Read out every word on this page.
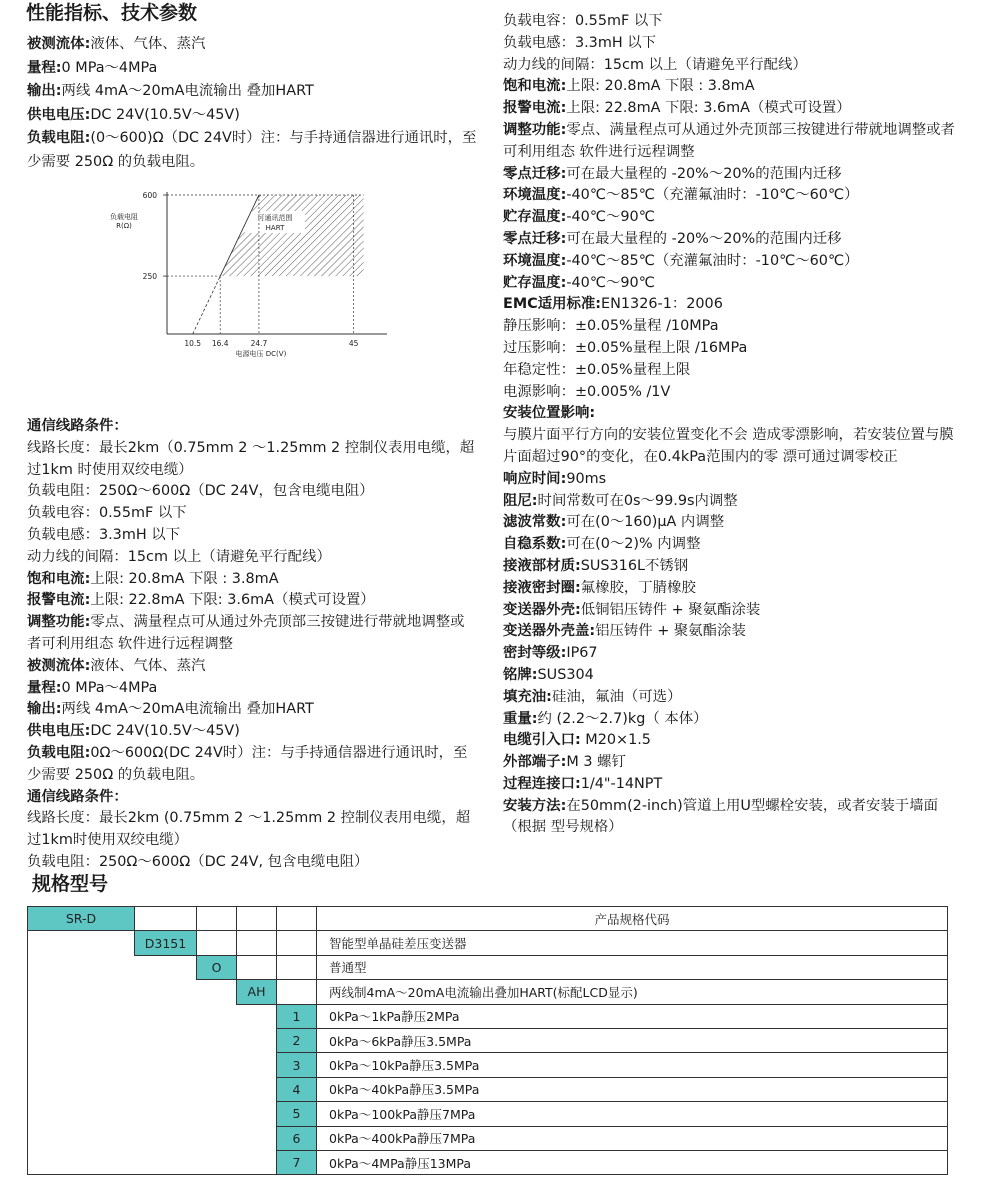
性能指标、技术参数
被测流体:液体、气体、蒸汽
量程:0 MPa～4MPa
输出:两线 4mA～20mA电流输出 叠加HART
供电电压:DC 24V(10.5V～45V)
负载电阻:(0～600)Ω（DC 24V时）注：与手持通信器进行通讯时，至少需要 250Ω 的负载电阻。
可通讯范围
HART
600
250
10.5 16.4	24.7	45
负载电阻
R(Ω)
电源电压 DC(V)
通信线路条件：
线路长度：最长2km（0.75mm 2 ～1.25mm 2 控制仪表用电缆，超过1km 时使用双绞电缆）
负载电阻：250Ω～600Ω（DC 24V，包含电缆电阻）
负载电容：0.55mF 以下
负载电感：3.3mH 以下
动力线的间隔：15cm 以上（请避免平行配线）
饱和电流:上限: 20.8mA 下限 : 3.8mA
报警电流:上限: 22.8mA 下限: 3.6mA（模式可设置）
调整功能:零点、满量程点可从通过外壳顶部三按键进行带就地调整或者可利用组态 软件进行远程调整
被测流体:液体、气体、蒸汽
量程:0 MPa～4MPa
输出:两线 4mA～20mA电流输出 叠加HART
供电电压:DC 24V(10.5V～45V)
负载电阻:0Ω～600Ω(DC 24V时）注：与手持通信器进行通讯时，至少需要 250Ω 的负载电阻。
通信线路条件：
线路长度：最长2km (0.75mm 2 ～1.25mm 2 控制仪表用电缆，超过1km时使用双绞电缆）
负载电阻：250Ω～600Ω（DC 24V, 包含电缆电阻）
负载电容：0.55mF 以下
负载电感：3.3mH 以下
动力线的间隔：15cm 以上（请避免平行配线）
饱和电流:上限: 20.8mA 下限 : 3.8mA
报警电流:上限: 22.8mA 下限: 3.6mA（模式可设置）
调整功能:零点、满量程点可从通过外壳顶部三按键进行带就地调整或者可利用组态 软件进行远程调整
零点迁移:可在最大量程的 -20%～20%的范围内迁移
环境温度:-40℃～85℃（充灌氟油时：-10℃～60℃）
贮存温度:-40℃～90℃
零点迁移:可在最大量程的 -20%～20%的范围内迁移
环境温度:-40℃～85℃（充灌氟油时：-10℃～60℃）
贮存温度:-40℃～90℃
EMC适用标准:EN1326-1：2006
静压影响：±0.05%量程 /10MPa
过压影响：±0.05%量程上限 /16MPa
年稳定性：±0.05%量程上限
电源影响：±0.005% /1V
安装位置影响:
与膜片面平行方向的安装位置变化不会 造成零漂影响，若安装位置与膜片面超过90°的变化，在0.4kPa范围内的零 漂可通过调零校正
响应时间:90ms
阻尼:时间常数可在0s～99.9s内调整
滤波常数:可在(0～160)μA 内调整
自稳系数:可在(0～2)% 内调整
接液部材质:SUS316L不锈钢
接液密封圈:氟橡胶，丁腈橡胶
变送器外壳:低铜铝压铸件 + 聚氨酯涂装
变送器外壳盖:铝压铸件 + 聚氨酯涂装
密封等级:IP67
铭牌:SUS304
填充油:硅油，氟油（可选）
重量:约 (2.2～2.7)kg（ 本体）
电缆引入口: M20×1.5
外部端子:M 3 螺钉
过程连接口:1/4"-14NPT
安装方法:在50mm(2-inch)管道上用U型螺栓安装，或者安装于墙面（根据 型号规格）
规格型号
SR-D					产品规格代码
	D3151				智能型单晶硅差压变送器
		O			普通型
			AH		两线制4mA～20mA电流输出叠加HART(标配LCD显示)
				1	0kPa～1kPa静压2MPa
				2	0kPa～6kPa静压3.5MPa
				3	0kPa～10kPa静压3.5MPa
				4	0kPa～40kPa静压3.5MPa
				5	0kPa～100kPa静压7MPa
				6	0kPa～400kPa静压7MPa
				7	0kPa～4MPa静压13MPa
